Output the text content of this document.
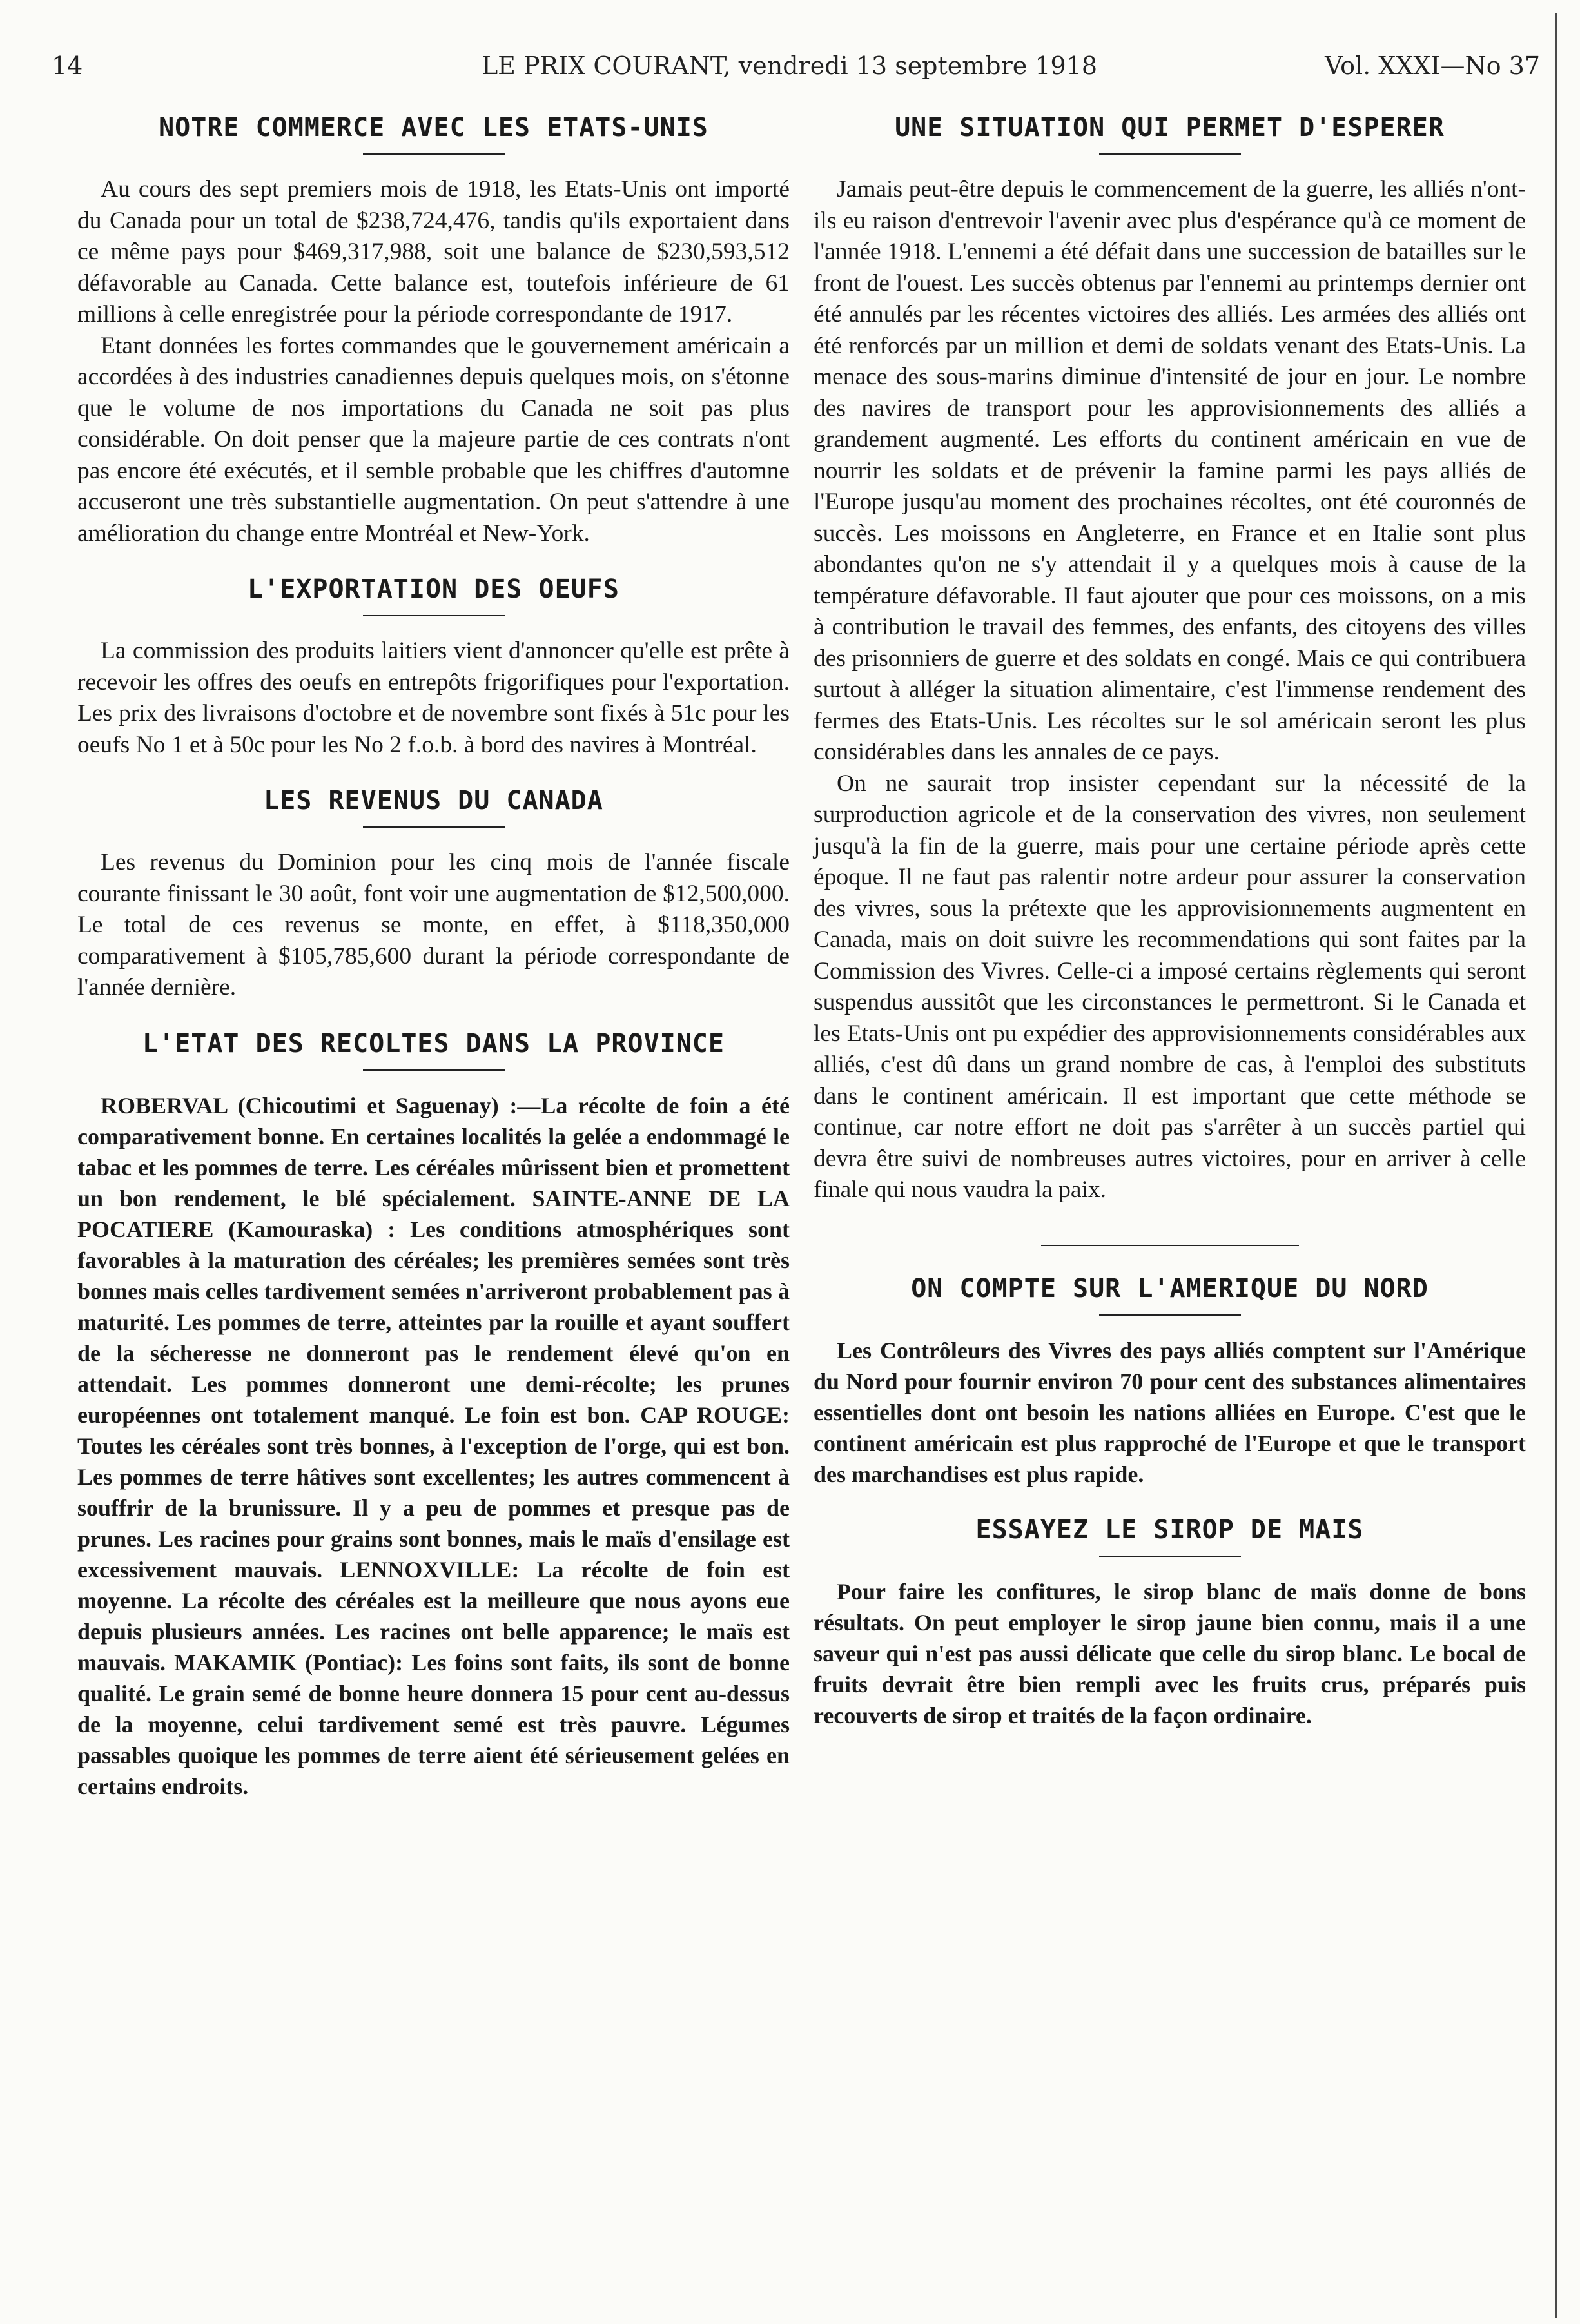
14	LE PRIX COURANT, vendredi 13 septembre 1918	Vol. XXXI—No 37
NOTRE COMMERCE AVEC LES ETATS-UNIS

Au cours des sept premiers mois de 1918, les Etats-Unis ont importé du Canada pour un total de $238,724,476, tandis qu'ils exportaient dans ce même pays pour $469,317,988, soit une balance de $230,593,512 défavorable au Canada. Cette balance est, toutefois inférieure de 61 millions à celle enregistrée pour la période correspondante de 1917.

Etant données les fortes commandes que le gouvernement américain a accordées à des industries canadiennes depuis quelques mois, on s'étonne que le volume de nos importations du Canada ne soit pas plus considérable. On doit penser que la majeure partie de ces contrats n'ont pas encore été exécutés, et il semble probable que les chiffres d'automne accuseront une très substantielle augmentation. On peut s'attendre à une amélioration du change entre Montréal et New-York.

L'EXPORTATION DES OEUFS

La commission des produits laitiers vient d'annoncer qu'elle est prête à recevoir les offres des oeufs en entrepôts frigorifiques pour l'exportation. Les prix des livraisons d'octobre et de novembre sont fixés à 51c pour les oeufs No 1 et à 50c pour les No 2 f.o.b. à bord des navires à Montréal.

LES REVENUS DU CANADA

Les revenus du Dominion pour les cinq mois de l'année fiscale courante finissant le 30 août, font voir une augmentation de $12,500,000. Le total de ces revenus se monte, en effet, à $118,350,000 comparativement à $105,785,600 durant la période correspondante de l'année dernière.

L'ETAT DES RECOLTES DANS LA PROVINCE

ROBERVAL (Chicoutimi et Saguenay) :—La récolte de foin a été comparativement bonne. En certaines localités la gelée a endommagé le tabac et les pommes de terre. Les céréales mûrissent bien et promettent un bon rendement, le blé spécialement. SAINTE-ANNE DE LA POCATIERE (Kamouraska) : Les conditions atmosphériques sont favorables à la maturation des céréales; les premières semées sont très bonnes mais celles tardivement semées n'arriveront probablement pas à maturité. Les pommes de terre, atteintes par la rouille et ayant souffert de la sécheresse ne donneront pas le rendement élevé qu'on en attendait. Les pommes donneront une demi-récolte; les prunes européennes ont totalement manqué. Le foin est bon. CAP ROUGE: Toutes les céréales sont très bonnes, à l'exception de l'orge, qui est bon. Les pommes de terre hâtives sont excellentes; les autres commencent à souffrir de la brunissure. Il y a peu de pommes et presque pas de prunes. Les racines pour grains sont bonnes, mais le maïs d'ensilage est excessivement mauvais. LENNOXVILLE: La récolte de foin est moyenne. La récolte des céréales est la meilleure que nous ayons eue depuis plusieurs années. Les racines ont belle apparence; le maïs est mauvais. MAKAMIK (Pontiac): Les foins sont faits, ils sont de bonne qualité. Le grain semé de bonne heure donnera 15 pour cent au-dessus de la moyenne, celui tardivement semé est très pauvre. Légumes passables quoique les pommes de terre aient été sérieusement gelées en certains endroits.

UNE SITUATION QUI PERMET D'ESPERER

Jamais peut-être depuis le commencement de la guerre, les alliés n'ont-ils eu raison d'entrevoir l'avenir avec plus d'espérance qu'à ce moment de l'année 1918. L'ennemi a été défait dans une succession de batailles sur le front de l'ouest. Les succès obtenus par l'ennemi au printemps dernier ont été annulés par les récentes victoires des alliés. Les armées des alliés ont été renforcés par un million et demi de soldats venant des Etats-Unis. La menace des sous-marins diminue d'intensité de jour en jour. Le nombre des navires de transport pour les approvisionnements des alliés a grandement augmenté. Les efforts du continent américain en vue de nourrir les soldats et de prévenir la famine parmi les pays alliés de l'Europe jusqu'au moment des prochaines récoltes, ont été couronnés de succès. Les moissons en Angleterre, en France et en Italie sont plus abondantes qu'on ne s'y attendait il y a quelques mois à cause de la température défavorable. Il faut ajouter que pour ces moissons, on a mis à contribution le travail des femmes, des enfants, des citoyens des villes des prisonniers de guerre et des soldats en congé. Mais ce qui contribuera surtout à alléger la situation alimentaire, c'est l'immense rendement des fermes des Etats-Unis. Les récoltes sur le sol américain seront les plus considérables dans les annales de ce pays.

On ne saurait trop insister cependant sur la nécessité de la surproduction agricole et de la conservation des vivres, non seulement jusqu'à la fin de la guerre, mais pour une certaine période après cette époque. Il ne faut pas ralentir notre ardeur pour assurer la conservation des vivres, sous la prétexte que les approvisionnements augmentent en Canada, mais on doit suivre les recommendations qui sont faites par la Commission des Vivres. Celle-ci a imposé certains règlements qui seront suspendus aussitôt que les circonstances le permettront. Si le Canada et les Etats-Unis ont pu expédier des approvisionnements considérables aux alliés, c'est dû dans un grand nombre de cas, à l'emploi des substituts dans le continent américain. Il est important que cette méthode se continue, car notre effort ne doit pas s'arrêter à un succès partiel qui devra être suivi de nombreuses autres victoires, pour en arriver à celle finale qui nous vaudra la paix.

ON COMPTE SUR L'AMERIQUE DU NORD

Les Contrôleurs des Vivres des pays alliés comptent sur l'Amérique du Nord pour fournir environ 70 pour cent des substances alimentaires essentielles dont ont besoin les nations alliées en Europe. C'est que le continent américain est plus rapproché de l'Europe et que le transport des marchandises est plus rapide.

ESSAYEZ LE SIROP DE MAIS

Pour faire les confitures, le sirop blanc de maïs donne de bons résultats. On peut employer le sirop jaune bien connu, mais il a une saveur qui n'est pas aussi délicate que celle du sirop blanc. Le bocal de fruits devrait être bien rempli avec les fruits crus, préparés puis recouverts de sirop et traités de la façon ordinaire.
